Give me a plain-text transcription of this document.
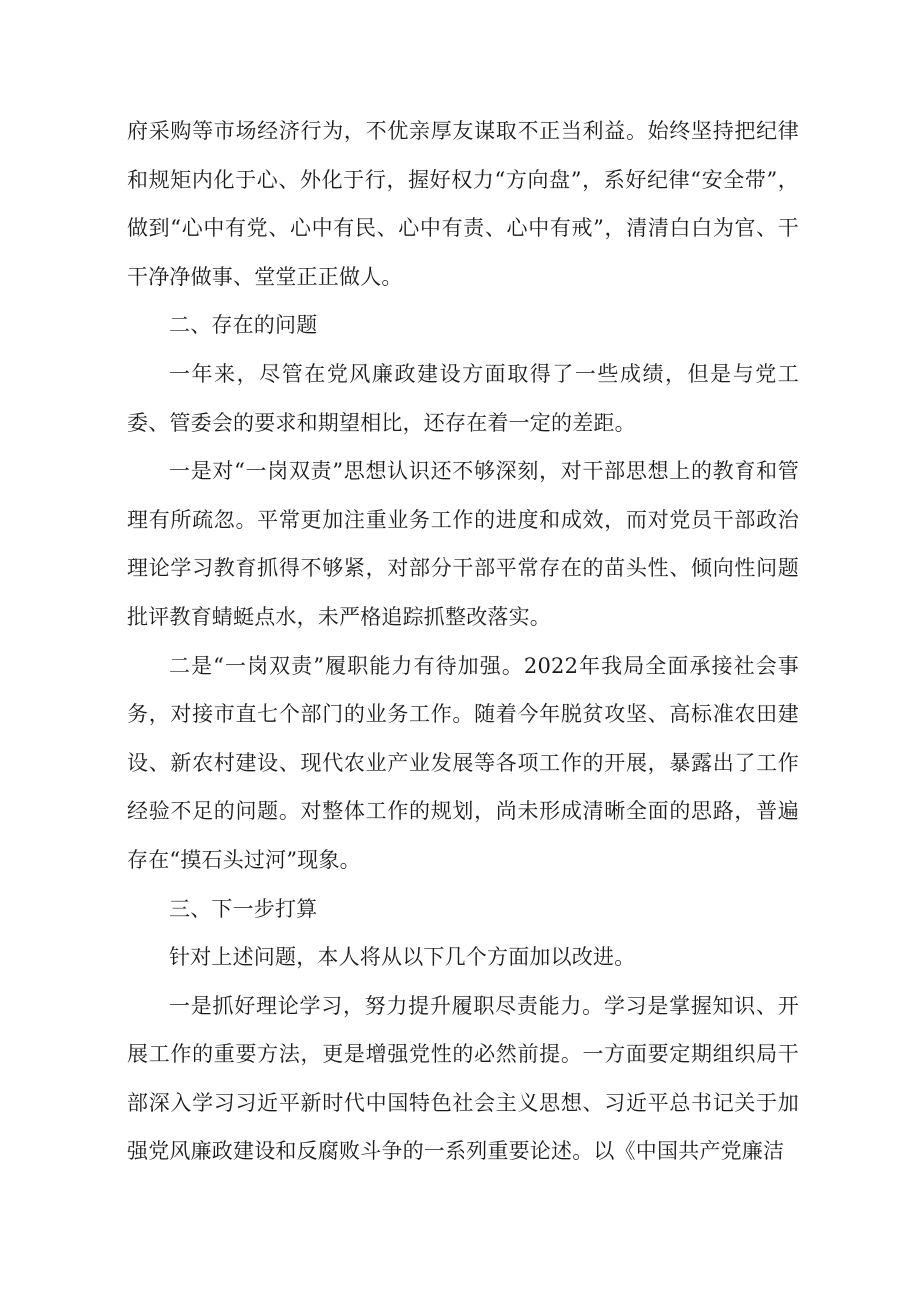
府采购等市场经济行为，不优亲厚友谋取不正当利益。始终坚持把纪律和规矩内化于心、外化于行，握好权力“方向盘”，系好纪律“安全带”，做到“心中有党、心中有民、心中有责、心中有戒”，清清白白为官、干干净净做事、堂堂正正做人。

二、存在的问题

一年来，尽管在党风廉政建设方面取得了一些成绩，但是与党工委、管委会的要求和期望相比，还存在着一定的差距。

一是对“一岗双责”思想认识还不够深刻，对干部思想上的教育和管理有所疏忽。平常更加注重业务工作的进度和成效，而对党员干部政治理论学习教育抓得不够紧，对部分干部平常存在的苗头性、倾向性问题批评教育蜻蜓点水，未严格追踪抓整改落实。

二是“一岗双责”履职能力有待加强。2022年我局全面承接社会事务，对接市直七个部门的业务工作。随着今年脱贫攻坚、高标准农田建设、新农村建设、现代农业产业发展等各项工作的开展，暴露出了工作经验不足的问题。对整体工作的规划，尚未形成清晰全面的思路，普遍存在“摸石头过河”现象。

三、下一步打算

针对上述问题，本人将从以下几个方面加以改进。

一是抓好理论学习，努力提升履职尽责能力。学习是掌握知识、开展工作的重要方法，更是增强党性的必然前提。一方面要定期组织局干部深入学习习近平新时代中国特色社会主义思想、习近平总书记关于加强党风廉政建设和反腐败斗争的一系列重要论述。以《中国共产党廉洁
